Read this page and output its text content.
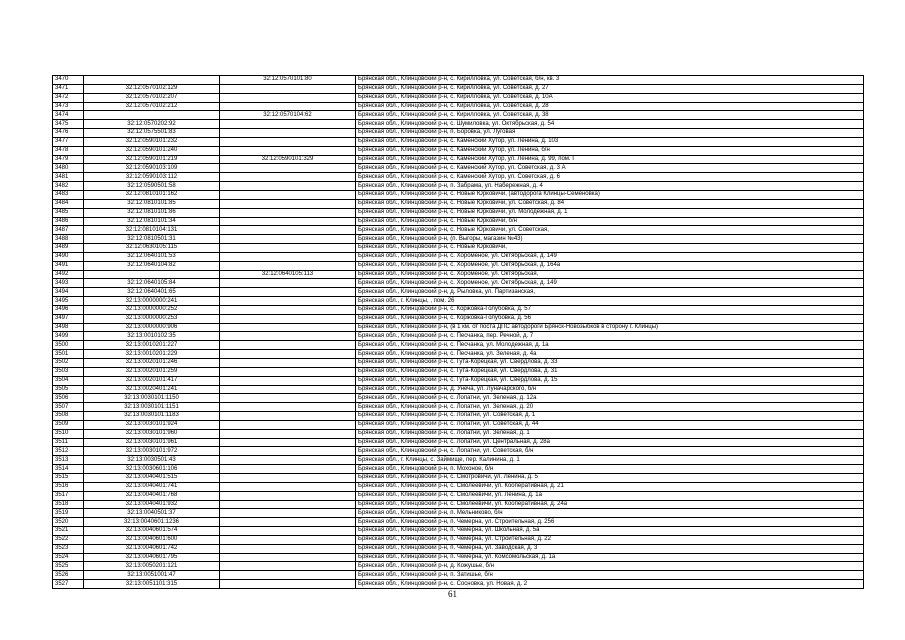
3470		32:12:0570101:80	Брянская обл., Клинцовский р-н, с. Кирилловка, ул. Советская, б/н, кв. 3
3471	32:12:0570102:129		Брянская обл., Клинцовский р-н, с. Кирилловка, ул. Советская, д. 27
3472	32:12:0570102:207		Брянская обл., Клинцовский р-н, с. Кирилловка, ул. Советская, д. 10А
3473	32:12:0570102:212		Брянская обл., Клинцовский р-н, с. Кирилловка, ул. Советская, д. 28
3474		32:12:0570104:62	Брянская обл., Клинцовский р-н, с. Кирилловка, ул. Советская, д. 38
3475	32:12:0570202:92		Брянская обл., Клинцовский р-н, с. Шумиловка, ул. Октябрьская, д. 54
3476	32:12:0575501:83		Брянская обл., Клинцовский р-н, п. Боровка, ул. Луговая
3477	32:12:0590101:232		Брянская обл., Клинцовский р-н, с. Каменский Хутор, ул. Ленина, д. 103
3478	32:12:0590101:240		Брянская обл., Клинцовский р-н, с. Каменский Хутор, ул. Ленина, б/н
3479	32:12:0590101:219	32:12:0590101:329	Брянская обл., Клинцовский р-н, с. Каменский Хутор, ул. Ленина, д. 99, пом. I
3480	32:12:0590103:109		Брянская обл., Клинцовский р-н, с. Каменский Хутор, ул. Советская, д. 3 А
3481	32:12:0590103:112		Брянская обл., Клинцовский р-н, с. Каменский Хутор, ул. Советская, д. 6
3482	32:12:0590501:58		Брянская обл., Клинцовский р-н, п. Забрама, ул. Набережная, д. 4
3483	32:12:0810101:162		Брянская обл., Клинцовский р-н, с. Новые Юрковичи, (автодорога Клинцы-Семёновка)
3484	32:12:0810101:85		Брянская обл., Клинцовский р-н, с. Новые Юрковичи, ул. Советская, д. 84
3485	32:12:0810101:86		Брянская обл., Клинцовский р-н, с. Новые Юрковичи, ул. Молодежная, д. 1
3486	32:12:0810101:34		Брянская обл., Клинцовский р-н, с. Новые Юрковичи, б/н
3487	32:12:0810104:131		Брянская обл., Клинцовский р-н, с. Новые Юрковичи, ул. Советская,
3488	32:12:0810501:31		Брянская обл., Клинцовский р-н, (п. Выгоры, магазин №43)
3489	32:12:0630105:115		Брянская обл., Клинцовский р-н, с. Новые Юрковичи,
3490	32:12:0640101:53		Брянская обл., Клинцовский р-н, с. Хороменое, ул. Октябрьская, д. 149
3491	32:12:0640104:82		Брянская обл., Клинцовский р-н, с. Хороменое, ул. Октябрьская, д. 164а
3492		32:12:0640105:113	Брянская обл., Клинцовский р-н, с. Хороменое, ул. Октябрьская,
3493	32:12:0640105:84		Брянская обл., Клинцовский р-н, с. Хороменое, ул. Октябрьская, д. 149
3494	32:12:0640401:65		Брянская обл., Клинцовский р-н, д. Рыловка, ул. Партизанская,
3495	32:13:0000000:241		Брянская обл., г. Клинцы, , пом. 26
3496	32:13:0000000:252		Брянская обл., Клинцовский р-н, с. Коржовка-Голубовка, д. 57
3497	32:13:0000000:253		Брянская обл., Клинцовский р-н, с. Коржовка-Голубовка, д. 56
3498	32:13:0000000:906		Брянская обл., Клинцовский р-н, (в 1 км. от поста ДПС автодороги Брянск-Новозыбков в сторону г. Клинцы)
3499	32:13:0010102:35		Брянская обл., Клинцовский р-н, с. Песчанка, пер. Речной, д. 7
3500	32:13:0010201:227		Брянская обл., Клинцовский р-н, с. Песчанка, ул. Молодежная, д. 1а
3501	32:13:0010201:229		Брянская обл., Клинцовский р-н, с. Песчанка, ул. Зеленая, д. 4а
3502	32:13:0020101:246		Брянская обл., Клинцовский р-н, с. Гута-Корецкая, ул. Свердлова, д. 33
3503	32:13:0020101:259		Брянская обл., Клинцовский р-н, с. Гута-Корецкая, ул. Свердлова, д. 31
3504	32:13:0020101:417		Брянская обл., Клинцовский р-н, с. Гута-Корецкая, ул. Свердлова, д. 15
3505	32:13:0020401:241		Брянская обл., Клинцовский р-н, д. Унеча, ул. Луначарского, б/н
3506	32:13:0030101:1150		Брянская обл., Клинцовский р-н, с. Лопатни, ул. Зеленая, д. 12а
3507	32:13:0030101:1151		Брянская обл., Клинцовский р-н, с. Лопатни, ул. Зеленая, д. 20
3508	32:13:0030101:1183		Брянская обл., Клинцовский р-н, с. Лопатни, ул. Советская, д. 1
3509	32:13:0030101:924		Брянская обл., Клинцовский р-н, с. Лопатни, ул. Советская, д. 44
3510	32:13:0030101:960		Брянская обл., Клинцовский р-н, с. Лопатни, ул. Зеленая, д. 1
3511	32:13:0030101:961		Брянская обл., Клинцовский р-н, с. Лопатни, ул. Центральная, д. 28а
3512	32:13:0030101:972		Брянская обл., Клинцовский р-н, с. Лопатни, ул. Советская, б/н
3513	32:13:0030501:43		Брянская обл., г. Клинцы, с. Займище, пер. Калинина, д. 1
3514	32:13:0030601:106		Брянская обл., Клинцовский р-н, п. Мохоное, б/н
3515	32:13:0040401:515		Брянская обл., Клинцовский р-н, с. Смотровичи, ул. Ленина, д. 5
3516	32:13:0040401:741		Брянская обл., Клинцовский р-н, с. Смолеевичи, ул. Кооперативная, д. 21
3517	32:13:0040401:768		Брянская обл., Клинцовский р-н, с. Смолеевичи, ул. Ленина, д. 1а
3518	32:13:0040401:932		Брянская обл., Клинцовский р-н, с. Смолеевичи, ул. Кооперативная, д. 24а
3519	32:13:0040501:37		Брянская обл., Клинцовский р-н, п. Мельниково, б/н
3520	32:13:0040601:1236		Брянская обл., Клинцовский р-н, п. Чемерна, ул. Строительная, д. 256
3521	32:13:0040601:574		Брянская обл., Клинцовский р-н, п. Чемерна, ул. Школьная, д. 5а
3522	32:13:0040601:600		Брянская обл., Клинцовский р-н, п. Чемерна, ул. Строительная, д. 22
3523	32:13:0040601:742		Брянская обл., Клинцовский р-н, п. Чемерна, ул. Заводская, д. 3
3524	32:13:0040601:795		Брянская обл., Клинцовский р-н, п. Чемерна, ул. Комсомольская, д. 1а
3525	32:13:0050201:121		Брянская обл., Клинцовский р-н, д. Кожушье, б/н
3526	32:13:0051001:47		Брянская обл., Клинцовский р-н, п. Затишье, б/н
3527	32:13:0051101:315		Брянская обл., Клинцовский р-н, с. Сосновка, ул. Новая, д. 2
61
